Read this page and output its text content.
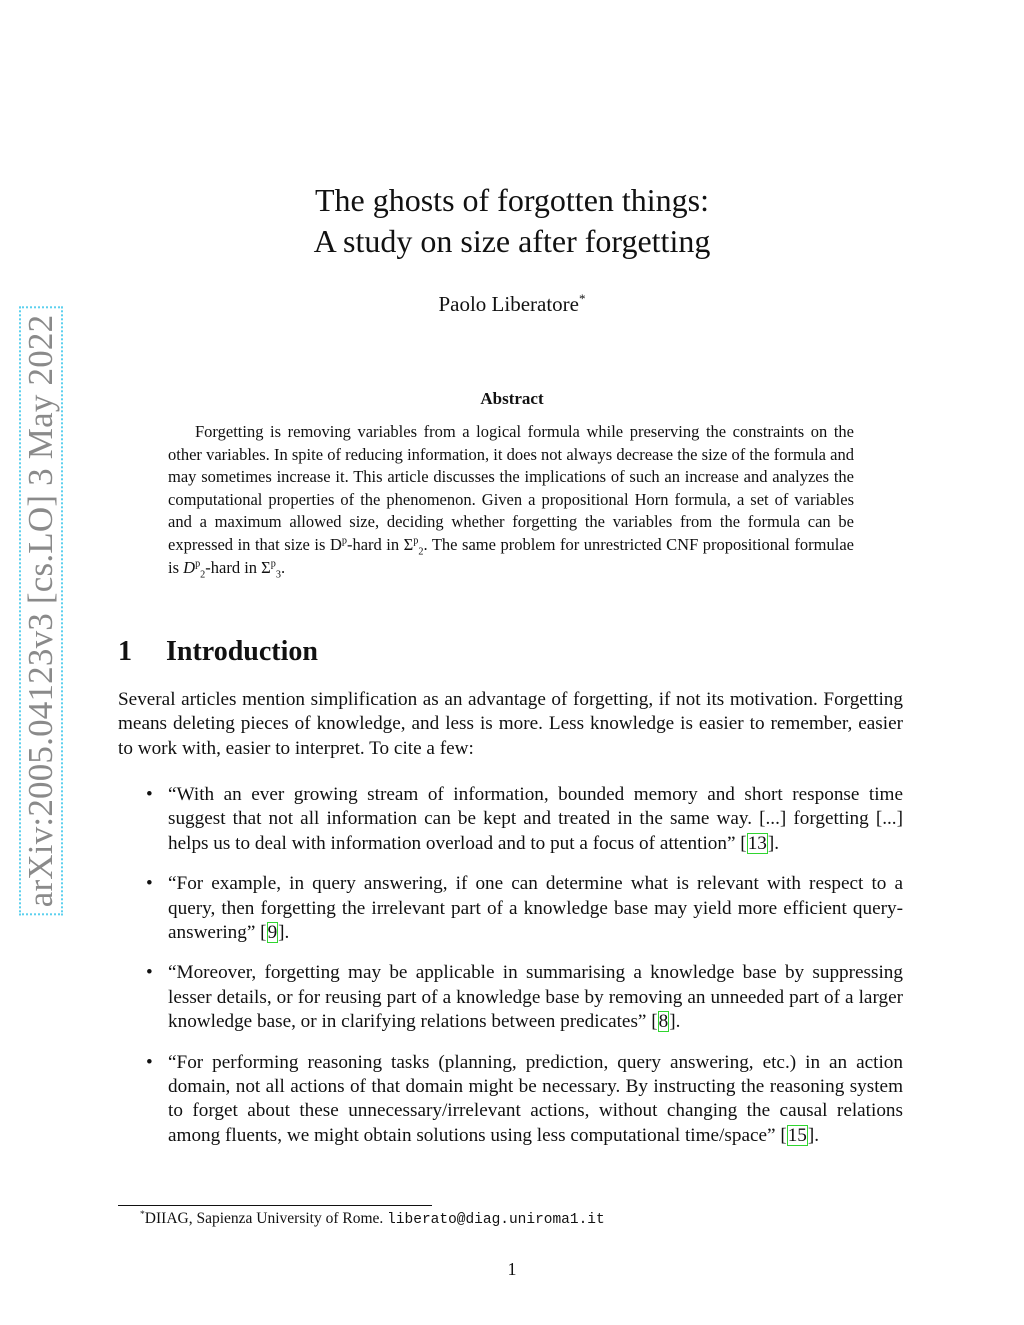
arXiv:2005.04123v3 [cs.LO] 3 May 2022
The ghosts of forgotten things:
A study on size after forgetting
Paolo Liberatore*
Abstract

Forgetting is removing variables from a logical formula while preserving the constraints on the other variables. In spite of reducing information, it does not always decrease the size of the formula and may sometimes increase it. This article discusses the implications of such an increase and analyzes the computational properties of the phenomenon. Given a propositional Horn formula, a set of variables and a maximum allowed size, deciding whether forgetting the variables from the formula can be expressed in that size is $D^p$-hard in $\Sigma^p_2$. The same problem for unrestricted CNF propositional formulae is $D^p_2$-hard in $\Sigma^p_3$.

1 Introduction

Several articles mention simplification as an advantage of forgetting, if not its motivation. Forgetting means deleting pieces of knowledge, and less is more. Less knowledge is easier to remember, easier to work with, easier to interpret. To cite a few:

• “With an ever growing stream of information, bounded memory and short response time suggest that not all information can be kept and treated in the same way. [...] forgetting [...] helps us to deal with information overload and to put a focus of attention” [13].
• “For example, in query answering, if one can determine what is relevant with respect to a query, then forgetting the irrelevant part of a knowledge base may yield more efficient query-answering” [9].
• “Moreover, forgetting may be applicable in summarising a knowledge base by suppressing lesser details, or for reusing part of a knowledge base by removing an unneeded part of a larger knowledge base, or in clarifying relations between predicates” [8].
• “For performing reasoning tasks (planning, prediction, query answering, etc.) in an action domain, not all actions of that domain might be necessary. By instructing the reasoning system to forget about these unnecessary/irrelevant actions, without changing the causal relations among fluents, we might obtain solutions using less computational time/space” [15].

*DIIAG, Sapienza University of Rome. liberato@diag.uniroma1.it

1
